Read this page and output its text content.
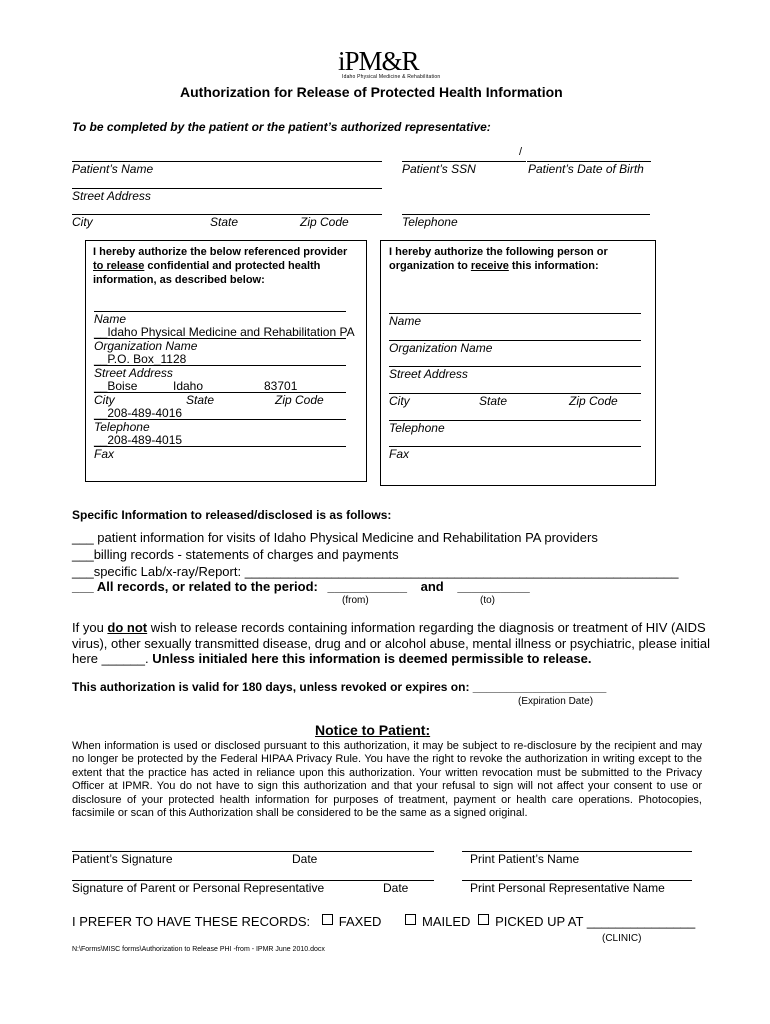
iPM&R
Idaho Physical Medicine & Rehabilitation
Authorization for Release of Protected Health Information
To be completed by the patient or the patient’s authorized representative:
Patient’s Name
/
Patient’s SSN	Patient’s Date of Birth
Street Address
City	State	Zip Code	Telephone
I hereby authorize the below referenced provider
to release confidential and protected health
information, as described below:
Name
__Idaho Physical Medicine and Rehabilitation PA
Organization Name
__P.O. Box_1128
Street Address
__Boise	Idaho	83701
City	State	Zip Code
__208-489-4016
Telephone
__208-489-4015
Fax
I hereby authorize the following person or
organization to receive this information:
Name
Organization Name
Street Address
City	State	Zip Code
Telephone
Fax
Specific Information to released/disclosed is as follows:
___ patient information for visits of Idaho Physical Medicine and Rehabilitation PA providers
___billing records - statements of charges and payments
___specific Lab/x-ray/Report: ____________________________________________________________
___ All records, or related to the period: ___________ and __________
(from)	(to)
If you do not wish to release records containing information regarding the diagnosis or treatment of HIV (AIDS
virus), other sexually transmitted disease, drug and or alcohol abuse, mental illness or psychiatric, please initial
here ______. Unless initialed here this information is deemed permissible to release.
This authorization is valid for 180 days, unless revoked or expires on: ____________________
(Expiration Date)
Notice to Patient:
When information is used or disclosed pursuant to this authorization, it may be subject to re-disclosure by the recipient and may no longer be protected by the Federal HIPAA Privacy Rule. You have the right to revoke the authorization in writing except to the extent that the practice has acted in reliance upon this authorization. Your written revocation must be submitted to the Privacy Officer at IPMR. You do not have to sign this authorization and that your refusal to sign will not affect your consent to use or disclosure of your protected health information for purposes of treatment, payment or health care operations. Photocopies, facsimile or scan of this Authorization shall be considered to be the same as a signed original.
Patient’s Signature	Date	Print Patient’s Name
Signature of Parent or Personal Representative	Date	Print Personal Representative Name
I PREFER TO HAVE THESE RECORDS: FAXED	MAILED PICKED UP AT _______________
(CLINIC)
N:\Forms\MISC forms\Authorization to Release PHI -from - IPMR June 2010.docx
